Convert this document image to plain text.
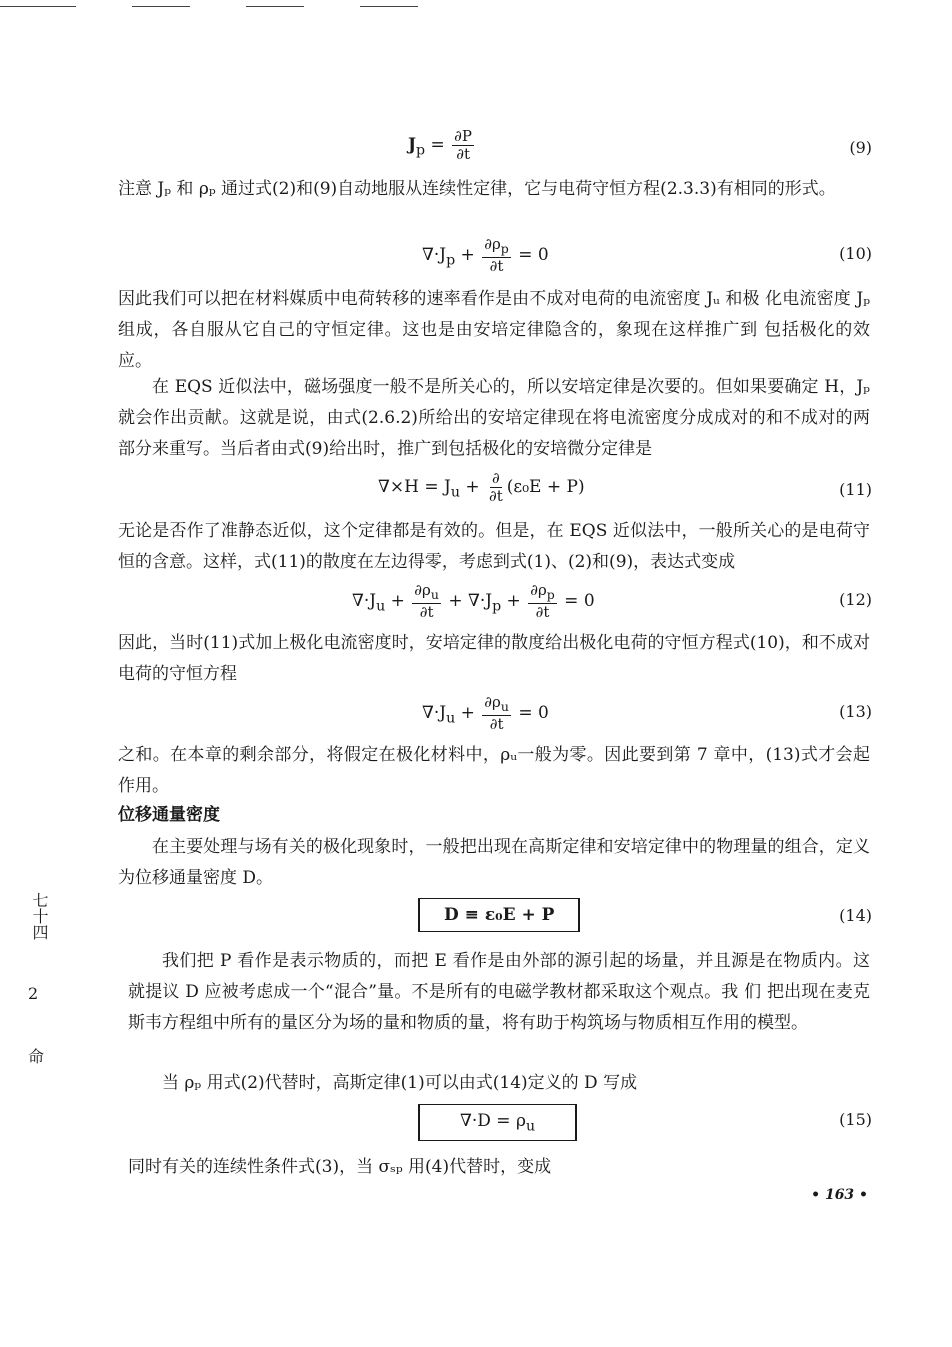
$J_p = \frac{\partial P}{\partial t}$	(9)

注意 Jₚ 和 ρₚ 通过式(2)和(9)自动地服从连续性定律，它与电荷守恒方程(2.3.3)有相同的形式。

$\nabla\cdot J_p + \frac{\partial\rho_p}{\partial t} = 0$	(10)

因此我们可以把在材料媒质中电荷转移的速率看作是由不成对电荷的电流密度 Jᵤ 和极 化电流密度 Jₚ 组成，各自服从它自己的守恒定律。这也是由安培定律隐含的，象现在这样推广到 包括极化的效应。

在 EQS 近似法中，磁场强度一般不是所关心的，所以安培定律是次要的。但如果要确定 H，Jₚ 就会作出贡献。这就是说，由式(2.6.2)所给出的安培定律现在将电流密度分成成对的和不成对的两部分来重写。当后者由式(9)给出时，推广到包括极化的安培微分定律是

$\nabla\times H = J_u + \frac{\partial}{\partial t} (\varepsilon_0E + P)$	(11)

无论是否作了准静态近似，这个定律都是有效的。但是，在 EQS 近似法中，一般所关心的是电荷守恒的含意。这样，式(11)的散度在左边得零，考虑到式(1)、(2)和(9)，表达式变成

$\nabla\cdot J_u + \frac{\partial\rho_u}{\partial t} + \nabla\cdot J_p + \frac{\partial\rho_p}{\partial t} = 0$	(12)

因此，当时(11)式加上极化电流密度时，安培定律的散度给出极化电荷的守恒方程式(10)，和不成对电荷的守恒方程

$\nabla\cdot J_u + \frac{\partial\rho_u}{\partial t} = 0$	(13)

之和。在本章的剩余部分，将假定在极化材料中，ρᵤ一般为零。因此要到第 7 章中，(13)式才会起作用。

位移通量密度

在主要处理与场有关的极化现象时，一般把出现在高斯定律和安培定律中的物理量的组合，定义为位移通量密度 D。

D ≡ ε₀E + P	(14)

我们把 P 看作是表示物质的，而把 E 看作是由外部的源引起的场量，并且源是在物质内。这就提议 D 应被考虑成一个“混合”量。不是所有的电磁学教材都采取这个观点。我 们 把出现在麦克斯韦方程组中所有的量区分为场的量和物质的量，将有助于构筑场与物质相互作用的模型。

当 ρₚ 用式(2)代替时，高斯定律(1)可以由式(14)定义的 D 写成

$\nabla\cdot D = \rho_u$	(15)

同时有关的连续性条件式(3)，当 σₛₚ 用(4)代替时，变成

• 163 •
七十四
2
命
